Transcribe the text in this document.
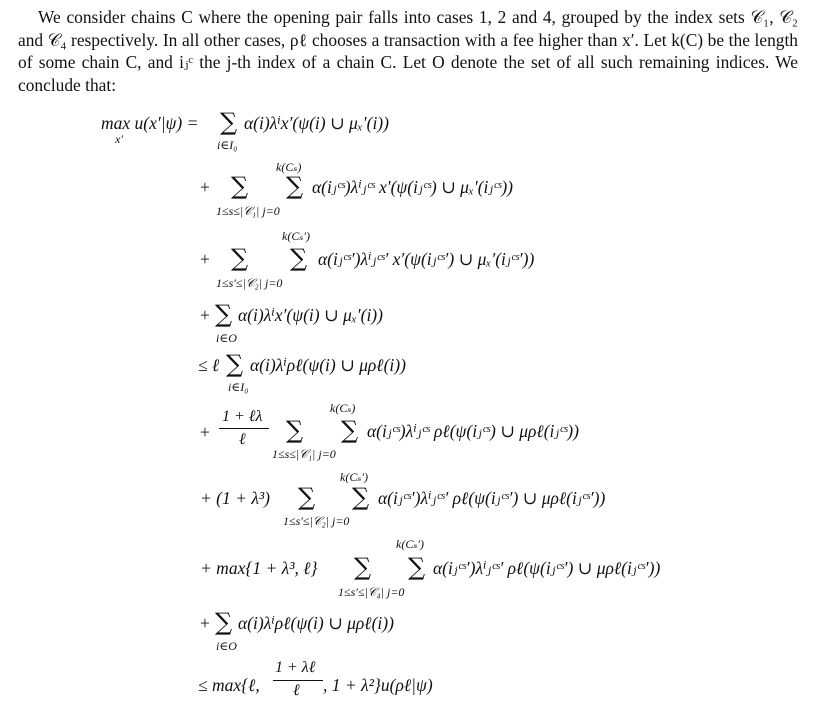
We consider chains C where the opening pair falls into cases 1, 2 and 4, grouped by the index sets 𝒞₁, 𝒞₂ and 𝒞₄ respectively. In all other cases, ρℓ chooses a transaction with a fee higher than x′. Let k(C) be the length of some chain C, and iⱼᶜ the j-th index of a chain C. Let O denote the set of all such remaining indices. We conclude that:
max u(x′|ψ) =
x′
∑ α(i)λⁱx′(ψ(i) ∪ μₓ′(i))
i∈I₀
k(Cₛ)
+ ∑ ∑ α(iⱼᶜˢ)λⁱⱼᶜˢ x′(ψ(iⱼᶜˢ) ∪ μₓ′(iⱼᶜˢ))
1≤s≤|𝒞₁| j=0
k(Cₛ′)
+ ∑ ∑ α(iⱼᶜˢ′)λⁱⱼᶜˢ′ x′(ψ(iⱼᶜˢ′) ∪ μₓ′(iⱼᶜˢ′))
1≤s′≤|𝒞₂| j=0
+ ∑ α(i)λⁱx′(ψ(i) ∪ μₓ′(i))
i∈O
≤ ℓ ∑ α(i)λⁱρℓ(ψ(i) ∪ μρℓ(i))
i∈I₀
+
1 + ℓλ
ℓ
k(Cₛ)
∑ ∑ α(iⱼᶜˢ)λⁱⱼᶜˢ ρℓ(ψ(iⱼᶜˢ) ∪ μρℓ(iⱼᶜˢ))
1≤s≤|𝒞₁| j=0
k(Cₛ′)
+ (1 + λ³) ∑ ∑ α(iⱼᶜˢ′)λⁱⱼᶜˢ′ ρℓ(ψ(iⱼᶜˢ′) ∪ μρℓ(iⱼᶜˢ′))
1≤s′≤|𝒞₂| j=0
k(Cₛ′)
+ max{1 + λ³, ℓ} ∑ ∑ α(iⱼᶜˢ′)λⁱⱼᶜˢ′ ρℓ(ψ(iⱼᶜˢ′) ∪ μρℓ(iⱼᶜˢ′))
1≤s′≤|𝒞₄| j=0
+ ∑ α(i)λⁱρℓ(ψ(i) ∪ μρℓ(i))
i∈O
≤ max{ℓ,
1 + λℓ
ℓ , 1 + λ²}u(ρℓ|ψ)
